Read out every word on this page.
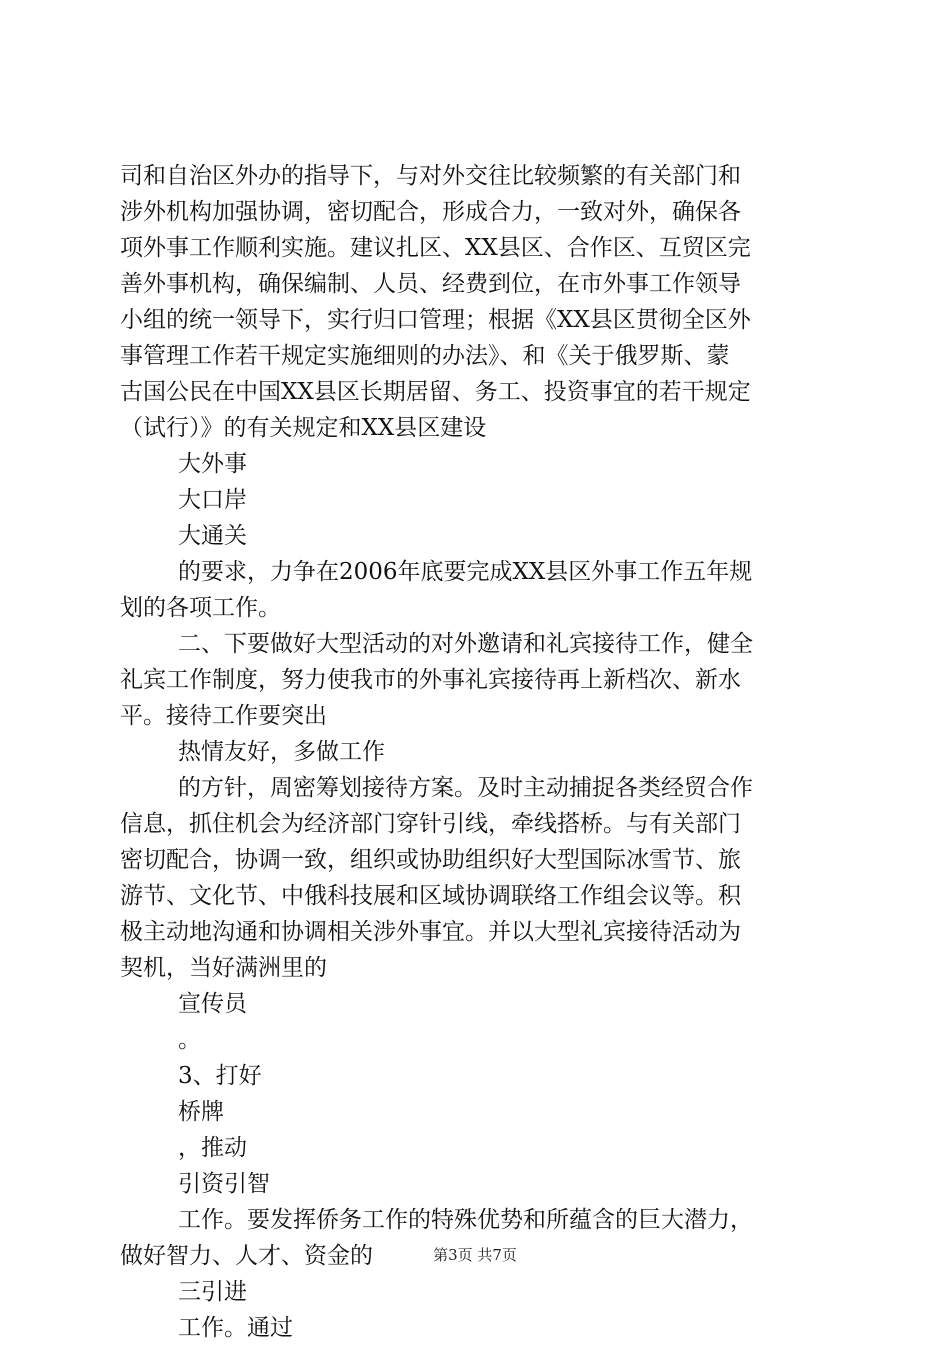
司和自治区外办的指导下，与对外交往比较频繁的有关部门和
涉外机构加强协调，密切配合，形成合力，一致对外，确保各
项外事工作顺利实施。建议扎区、XX县区、合作区、互贸区完
善外事机构，确保编制、人员、经费到位，在市外事工作领导
小组的统一领导下，实行归口管理；根据《XX县区贯彻全区外
事管理工作若干规定实施细则的办法》、和《关于俄罗斯、蒙
古国公民在中国XX县区长期居留、务工、投资事宜的若干规定
（试行）》的有关规定和XX县区建设
大外事
大口岸
大通关
的要求，力争在2006年底要完成XX县区外事工作五年规
划的各项工作。
二、下要做好大型活动的对外邀请和礼宾接待工作，健全
礼宾工作制度，努力使我市的外事礼宾接待再上新档次、新水
平。接待工作要突出
热情友好，多做工作
的方针，周密筹划接待方案。及时主动捕捉各类经贸合作
信息，抓住机会为经济部门穿针引线，牵线搭桥。与有关部门
密切配合，协调一致，组织或协助组织好大型国际冰雪节、旅
游节、文化节、中俄科技展和区域协调联络工作组会议等。积
极主动地沟通和协调相关涉外事宜。并以大型礼宾接待活动为
契机，当好满洲里的
宣传员
。
3、打好
桥牌
，推动
引资引智
工作。要发挥侨务工作的特殊优势和所蕴含的巨大潜力，
做好智力、人才、资金的
三引进
工作。通过
第3页 共7页
